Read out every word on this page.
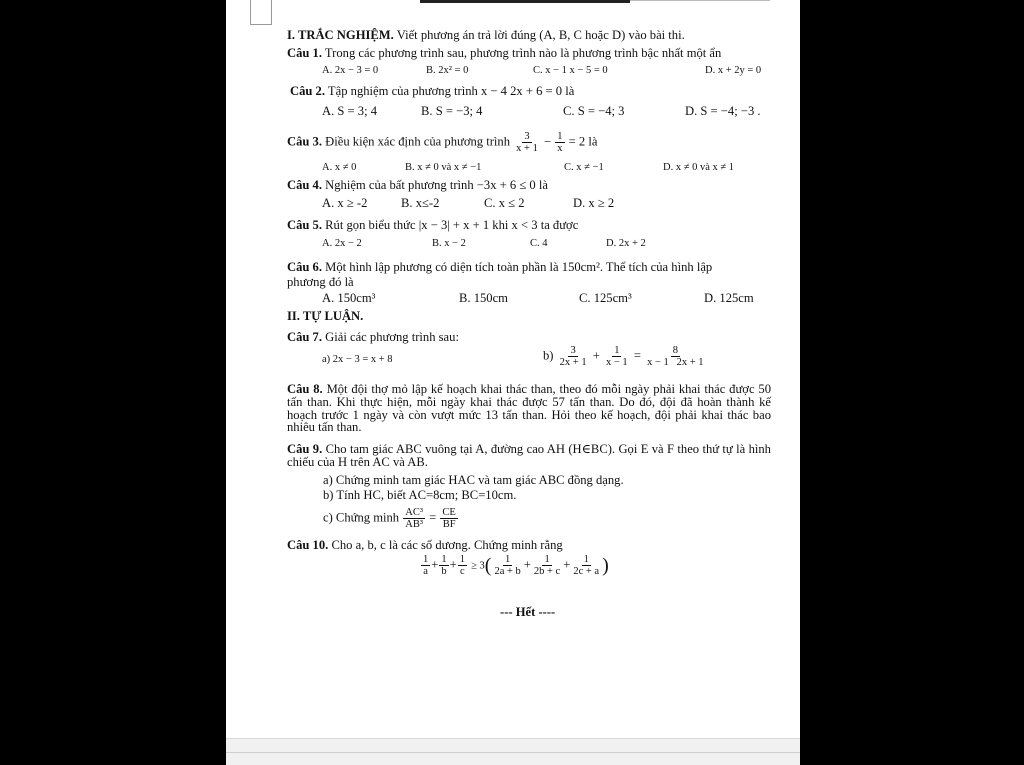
I. TRẮC NGHIỆM. Viết phương án trả lời đúng (A, B, C hoặc D) vào bài thi.
Câu 1. Trong các phương trình sau, phương trình nào là phương trình bậc nhất một ẩn
A. 2x − 3 = 0	B. 2x² = 0	C. x − 1 x − 5 = 0	D. x + 2y = 0
Câu 2. Tập nghiệm của phương trình x − 4 2x + 6 = 0 là
A. S = 3; 4	B. S = −3; 4	C. S = −4; 3	D. S = −4; −3 .
Câu 3. Điều kiện xác định của phương trình $\frac{3}{x + 1} - \frac{1}{x} = 2$ là
A. x ≠ 0	B. x ≠ 0 và x ≠ −1	C. x ≠ −1	D. x ≠ 0 và x ≠ 1
Câu 4. Nghiệm của bất phương trình −3x + 6 ≤ 0 là
A. x ≥ -2	B. x≤-2	C. x ≤ 2	D. x ≥ 2
Câu 5. Rút gọn biểu thức |x − 3| + x + 1 khi x < 3 ta được
A. 2x − 2	B. x − 2	C. 4	D. 2x + 2
Câu 6. Một hình lập phương có diện tích toàn phần là 150cm². Thể tích của hình lập
phương đó là
A. 150cm³	B. 150cm	C. 125cm³	D. 125cm
II. TỰ LUẬN.
Câu 7. Giải các phương trình sau:
a) 2x − 3 = x + 8	$b) \frac{3}{2x + 1} + \frac{1}{x - 1} = \frac{8}{x - 1 2x + 1}$
Câu 8. Một đội thợ mỏ lập kế hoạch khai thác than, theo đó mỗi ngày phải khai thác được 50 tấn than. Khi thực hiện, mỗi ngày khai thác được 57 tấn than. Do đó, đội đã hoàn thành kế hoạch trước 1 ngày và còn vượt mức 13 tấn than. Hỏi theo kế hoạch, đội phải khai thác bao nhiêu tấn than.
Câu 9. Cho tam giác ABC vuông tại A, đường cao AH (H∈BC). Gọi E và F theo thứ tự là hình chiếu của H trên AC và AB.
a) Chứng minh tam giác HAC và tam giác ABC đồng dạng.
b) Tính HC, biết AC=8cm; BC=10cm.
c) Chứng minh $\frac{\text{AC³}}{\text{AB³}} = \frac{CE}{BF}$
Câu 10. Cho a, b, c là các số dương. Chứng minh rằng
$\frac{1}{a} + \frac{1}{b} + \frac{1}{c} \ge 3( \frac{1}{2a + b} + \frac{1}{2b + c} + \frac{1}{2c + a}$ )
--- Hết ----
